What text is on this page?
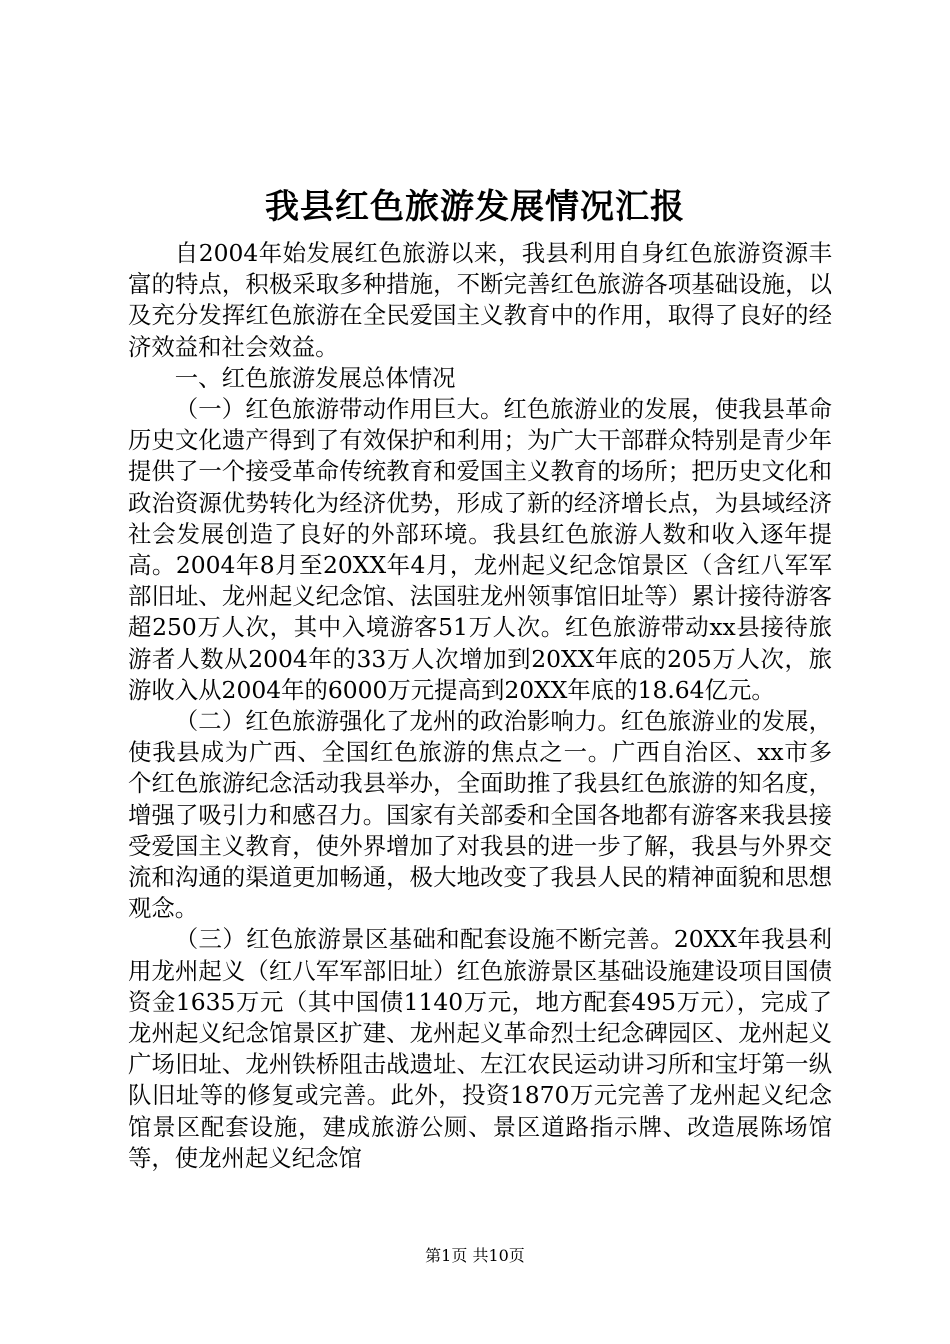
我县红色旅游发展情况汇报

自2004年始发展红色旅游以来，我县利用自身红色旅游资源丰富的特点，积极采取多种措施，不断完善红色旅游各项基础设施，以及充分发挥红色旅游在全民爱国主义教育中的作用，取得了良好的经济效益和社会效益。

一、红色旅游发展总体情况

（一）红色旅游带动作用巨大。红色旅游业的发展，使我县革命历史文化遗产得到了有效保护和利用；为广大干部群众特别是青少年提供了一个接受革命传统教育和爱国主义教育的场所；把历史文化和政治资源优势转化为经济优势，形成了新的经济增长点，为县域经济社会发展创造了良好的外部环境。我县红色旅游人数和收入逐年提高。2004年8月至20XX年4月，龙州起义纪念馆景区（含红八军军部旧址、龙州起义纪念馆、法国驻龙州领事馆旧址等）累计接待游客超250万人次，其中入境游客51万人次。红色旅游带动xx县接待旅游者人数从2004年的33万人次增加到20XX年底的205万人次，旅游收入从2004年的6000万元提高到20XX年底的18.64亿元。

（二）红色旅游强化了龙州的政治影响力。红色旅游业的发展，使我县成为广西、全国红色旅游的焦点之一。广西自治区、xx市多个红色旅游纪念活动我县举办，全面助推了我县红色旅游的知名度，增强了吸引力和感召力。国家有关部委和全国各地都有游客来我县接受爱国主义教育，使外界增加了对我县的进一步了解，我县与外界交流和沟通的渠道更加畅通，极大地改变了我县人民的精神面貌和思想观念。

（三）红色旅游景区基础和配套设施不断完善。20XX年我县利用龙州起义（红八军军部旧址）红色旅游景区基础设施建设项目国债资金1635万元（其中国债1140万元，地方配套495万元），完成了龙州起义纪念馆景区扩建、龙州起义革命烈士纪念碑园区、龙州起义广场旧址、龙州铁桥阻击战遗址、左江农民运动讲习所和宝圩第一纵队旧址等的修复或完善。此外，投资1870万元完善了龙州起义纪念馆景区配套设施，建成旅游公厕、景区道路指示牌、改造展陈场馆等，使龙州起义纪念馆

第1页 共10页
